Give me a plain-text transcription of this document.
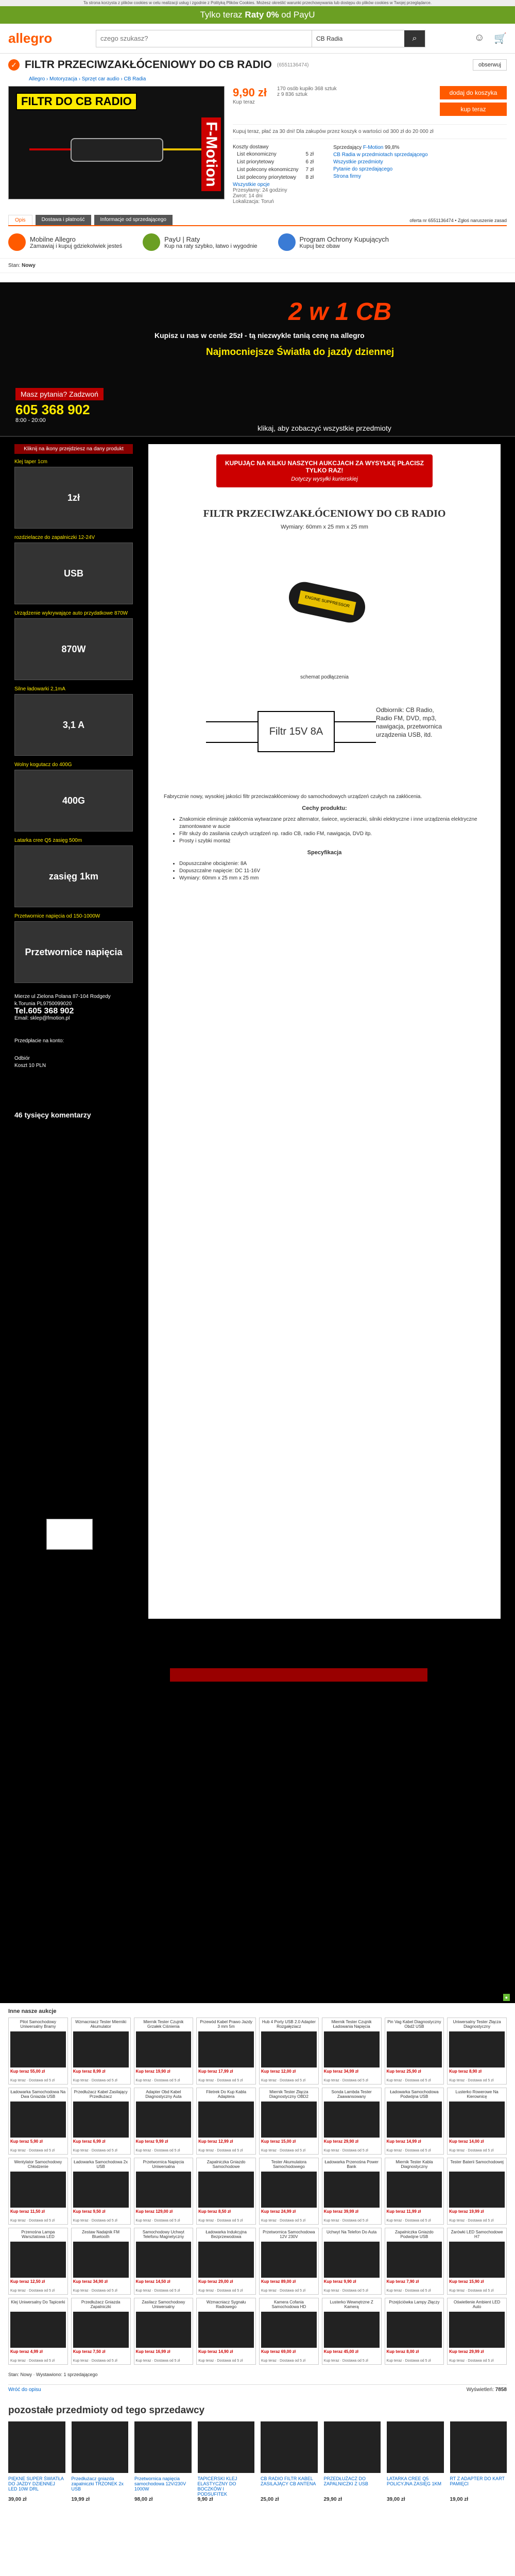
Ta strona korzysta z plików cookies w celu realizacji usług i zgodnie z Polityką Plików Cookies. Możesz określić warunki przechowywania lub dostępu do plików cookies w Twojej przeglądarce.
Tylko teraz Raty 0% od PayU
allegro
czego szukasz?	CB Radia	⌕	☺ 🛒
✓ FILTR PRZECIWZAKŁÓCENIOWY DO CB RADIO (6551136474)	obserwuj
Allegro › Motoryzacja › Sprzęt car audio › CB Radia
FILTR DO CB RADIO
F-Motion
9,90 zł
Kup teraz
170 osób kupiło 368 sztuk
z 9 836 sztuk	dodaj do koszyka
kup teraz
Kupuj teraz, płać za 30 dni! Dla zakupów przez koszyk o wartości od 300 zł do 20 000 zł
Koszty dostawy
List ekonomiczny	5 zł
List priorytetowy	6 zł
List polecony ekonomiczny	7 zł
List polecony priorytetowy	8 zł
Wszystkie opcje
Przesyłamy: 24 godziny
Zwrot: 14 dni
Lokalizacja: Toruń
Sprzedający F-Motion 99,8%
CB Radia w przedmiotach sprzedającego
Wszystkie przedmioty
Pytanie do sprzedającego
Strona firmy
Opis	Dostawa i płatność	Informacje od sprzedającego	oferta nr 6551136474 • Zgłoś naruszenie zasad
Mobilne Allegro
Zamawiaj i kupuj gdziekolwiek jesteś
PayU | Raty
Kup na raty szybko, łatwo i wygodnie
Program Ochrony Kupujących
Kupuj bez obaw
Stan: Nowy
2 w 1 CB
Kupisz u nas w cenie 25zł - tą niezwykle tanią cenę na allegro
Najmocniejsze Światła do jazdy dziennej
Masz pytania? Zadzwoń
605 368 902
8:00 - 20:00
klikaj, aby zobaczyć wszystkie przedmioty
Kliknij na ikony przejdziesz na dany produkt
Klej taper 1cm
1zł
rozdzielacze do zapalniczki 12-24V
USB
Urządzenie wykrywające auto przydatkowe 870W
870W
Silne ładowarki 2,1mA
3,1 A
Wolny kogutacz do 400G
400G
Latarka cree Q5 zasięg 500m
zasięg 1km
Przetwornice napięcia od 150-1000W
Przetwornice napięcia
Mierze ul Zielona Polana 87-104 Rodgedy k.Torunia PL9750099020
Tel.605 368 902
Email: sklep@fmotion.pl
Przedpłacie na konto:
Odbiór
Koszt 10 PLN
46 tysięcy komentarzy
KUPUJĄC NA KILKU NASZYCH AUKCJACH ZA WYSYŁKĘ PŁACISZ TYLKO RAZ!
Dotyczy wysyłki kurierskiej
FILTR PRZECIWZAKŁÓCENIOWY DO CB RADIO
Wymiary: 60mm x 25 mm x 25 mm
ENGINE SUPPRESSOR
schemat podłączenia
Filtr 15V 8A
Odbiornik: CB Radio, Radio FM, DVD, mp3, nawigacja, przetwornica urządzenia USB, itd.

Fabrycznie nowy, wysokiej jakości filtr przeciwzakłóceniowy do samochodowych urządzeń czułych na zakłócenia.

Cechy produktu:
• Znakomicie eliminuje zakłócenia wytwarzane przez alternator, świece, wycieraczki, silniki elektryczne i inne urządzenia elektryczne zamontowane w aucie
• Filtr służy do zasilania czułych urządzeń np. radio CB, radio FM, nawigacja, DVD itp.
• Prosty i szybki montaż
Specyfikacja
• Dopuszczalne obciążenie: 8A
• Dopuszczalne napięcie: DC 11-16V
• Wymiary: 60mm x 25 mm x 25 mm
●
Inne nasze aukcje
Pilot Samochodowy Uniwersalny Bramy
Kup teraz 55,00 zł
Kup teraz · Dostawa od 5 zł
Wzmacniacz Tester Mierniki Akumulator
Kup teraz 8,99 zł
Kup teraz · Dostawa od 5 zł
Miernik Tester Czujnik Grzałek Ciśnienia
Kup teraz 19,90 zł
Kup teraz · Dostawa od 5 zł
Przewód Kabel Prawo Jazdy 3 mm 5m
Kup teraz 17,99 zł
Kup teraz · Dostawa od 5 zł
Hub 4 Porty USB 2.0 Adapter Rozgałęziacz
Kup teraz 12,00 zł
Kup teraz · Dostawa od 5 zł
Miernik Tester Czujnik Ładowania Napięcia
Kup teraz 34,99 zł
Kup teraz · Dostawa od 5 zł
Pin Vag Kabel Diagnostyczny Obd2 USB
Kup teraz 25,90 zł
Kup teraz · Dostawa od 5 zł
Uniwersalny Tester Złącza Diagnostyczny
Kup teraz 8,90 zł
Kup teraz · Dostawa od 5 zł
Ładowarka Samochodowa Na Dwa Gniazda USB
Kup teraz 5,90 zł
Kup teraz · Dostawa od 5 zł
Przedłużacz Kabel Zasilający Przedłużacz
Kup teraz 6,99 zł
Kup teraz · Dostawa od 5 zł
Adapter Obd Kabel Diagnostyczny Auta
Kup teraz 9,99 zł
Kup teraz · Dostawa od 5 zł
Filetrek Do Kup Kabla Adaptera
Kup teraz 12,99 zł
Kup teraz · Dostawa od 5 zł
Miernik Tester Złącza Diagnostyczny OBD2
Kup teraz 15,00 zł
Kup teraz · Dostawa od 5 zł
Sonda Lambda Tester Zaawansowany
Kup teraz 29,90 zł
Kup teraz · Dostawa od 5 zł
Ładowarka Samochodowa Podwójna USB
Kup teraz 14,99 zł
Kup teraz · Dostawa od 5 zł
Lusterko Rowerowe Na Kierownicę
Kup teraz 14,00 zł
Kup teraz · Dostawa od 5 zł
Wentylator Samochodowy Chłodzenie
Kup teraz 11,50 zł
Kup teraz · Dostawa od 5 zł
Ładowarka Samochodowa 2x USB
Kup teraz 9,50 zł
Kup teraz · Dostawa od 5 zł
Przetwornica Napięcia Uniwersalna
Kup teraz 129,00 zł
Kup teraz · Dostawa od 5 zł
Zapalniczka Gniazdo Samochodowe
Kup teraz 8,50 zł
Kup teraz · Dostawa od 5 zł
Tester Akumulatora Samochodowego
Kup teraz 24,99 zł
Kup teraz · Dostawa od 5 zł
Ładowarka Przenośna Power Bank
Kup teraz 39,99 zł
Kup teraz · Dostawa od 5 zł
Miernik Tester Kabla Diagnostyczny
Kup teraz 11,99 zł
Kup teraz · Dostawa od 5 zł
Tester Baterii Samochodowej
Kup teraz 19,99 zł
Kup teraz · Dostawa od 5 zł
Przenośna Lampa Warsztatowa LED
Kup teraz 12,50 zł
Kup teraz · Dostawa od 5 zł
Zestaw Nadajnik FM Bluetooth
Kup teraz 34,90 zł
Kup teraz · Dostawa od 5 zł
Samochodowy Uchwyt Telefonu Magnetyczny
Kup teraz 14,50 zł
Kup teraz · Dostawa od 5 zł
Ładowarka Indukcyjna Bezprzewodowa
Kup teraz 29,00 zł
Kup teraz · Dostawa od 5 zł
Przetwornica Samochodowa 12V 230V
Kup teraz 89,00 zł
Kup teraz · Dostawa od 5 zł
Uchwyt Na Telefon Do Auta
Kup teraz 9,90 zł
Kup teraz · Dostawa od 5 zł
Zapalniczka Gniazdo Podwójne USB
Kup teraz 7,90 zł
Kup teraz · Dostawa od 5 zł
Żarówki LED Samochodowe H7
Kup teraz 15,90 zł
Kup teraz · Dostawa od 5 zł
Klej Uniwersalny Do Tapicerki
Kup teraz 4,99 zł
Kup teraz · Dostawa od 5 zł
Przedłużacz Gniazda Zapalniczki
Kup teraz 7,50 zł
Kup teraz · Dostawa od 5 zł
Zasilacz Samochodowy Uniwersalny
Kup teraz 16,99 zł
Kup teraz · Dostawa od 5 zł
Wzmacniacz Sygnału Radiowego
Kup teraz 14,90 zł
Kup teraz · Dostawa od 5 zł
Kamera Cofania Samochodowa HD
Kup teraz 69,00 zł
Kup teraz · Dostawa od 5 zł
Lusterko Wewnętrzne Z Kamerą
Kup teraz 45,00 zł
Kup teraz · Dostawa od 5 zł
Przejściówka Lampy Złączy
Kup teraz 8,00 zł
Kup teraz · Dostawa od 5 zł
Oświetlenie Ambient LED Auto
Kup teraz 29,99 zł
Kup teraz · Dostawa od 5 zł
Stan: Nowy · Wystawiono: 1 sprzedającego
Wróć do opisu	Wyświetleń: 7858
pozostałe przedmioty od tego sprzedawcy
PIĘKNE SUPER ŚWIATŁA DO JAZDY DZIENNEJ LED 10W DRL
39,00 zł
Przedłużacz gniazda zapalniczki TRZONEK 2x USB
19,99 zł
Przetwornica napięcia samochodowa 12V/230V 1000W
98,00 zł
TAPICERSKI KLEJ ELASTYCZNY DO BOCZKÓW I PODSUFITEK
9,90 zł
CB RADIO FILTR KABEL ZASILAJĄCY CB ANTENA
25,00 zł
PRZEDŁUŻACZ DO ZAPALNICZKI Z USB
29,90 zł
LATARKA CREE Q5 POLICYJNA ZASIĘG 1KM
39,00 zł
RT Z ADAPTER DO KART PAMIĘCI
19,00 zł
